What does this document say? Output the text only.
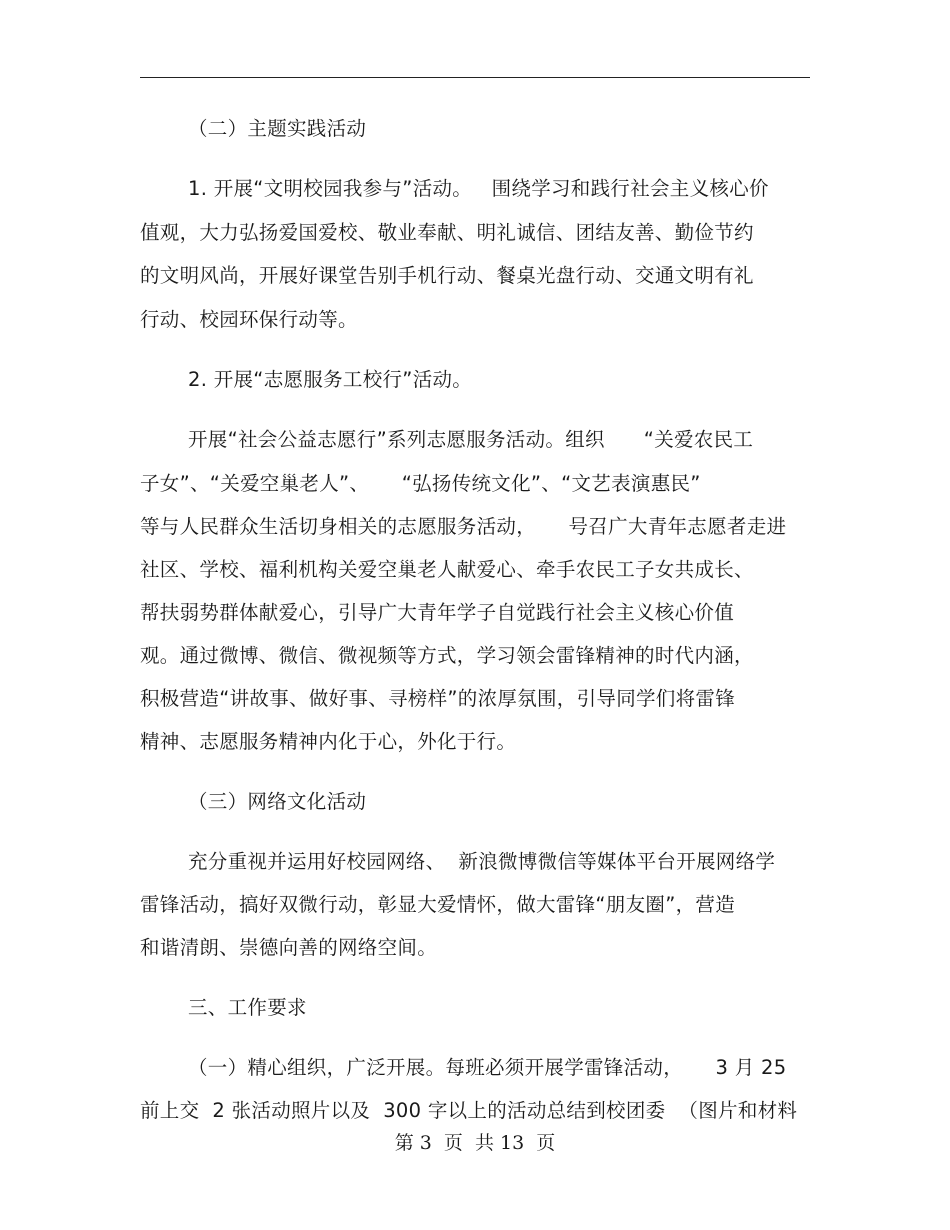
（二）主题实践活动
1. 开展“文明校园我参与”活动。   围绕学习和践行社会主义核心价
值观，大力弘扬爱国爱校、敬业奉献、明礼诚信、团结友善、勤俭节约
的文明风尚，开展好课堂告别手机行动、餐桌光盘行动、交通文明有礼
行动、校园环保行动等。
2. 开展“志愿服务工校行”活动。
开展“社会公益志愿行”系列志愿服务活动。组织      “关爱农民工
子女”、“关爱空巢老人”、     “弘扬传统文化”、“文艺表演惠民”
等与人民群众生活切身相关的志愿服务活动，     号召广大青年志愿者走进
社区、学校、福利机构关爱空巢老人献爱心、牵手农民工子女共成长、
帮扶弱势群体献爱心，引导广大青年学子自觉践行社会主义核心价值
观。通过微博、微信、微视频等方式，学习领会雷锋精神的时代内涵，
积极营造“讲故事、做好事、寻榜样”的浓厚氛围，引导同学们将雷锋
精神、志愿服务精神内化于心，外化于行。
（三）网络文化活动
充分重视并运用好校园网络、  新浪微博微信等媒体平台开展网络学
雷锋活动，搞好双微行动，彰显大爱情怀，做大雷锋“朋友圈”，营造
和谐清朗、崇德向善的网络空间。
三、工作要求
（一）精心组织，广泛开展。每班必须开展学雷锋活动，     3 月 25
前上交  2 张活动照片以及  300 字以上的活动总结到校团委  （图片和材料
第 3  页  共 13  页
